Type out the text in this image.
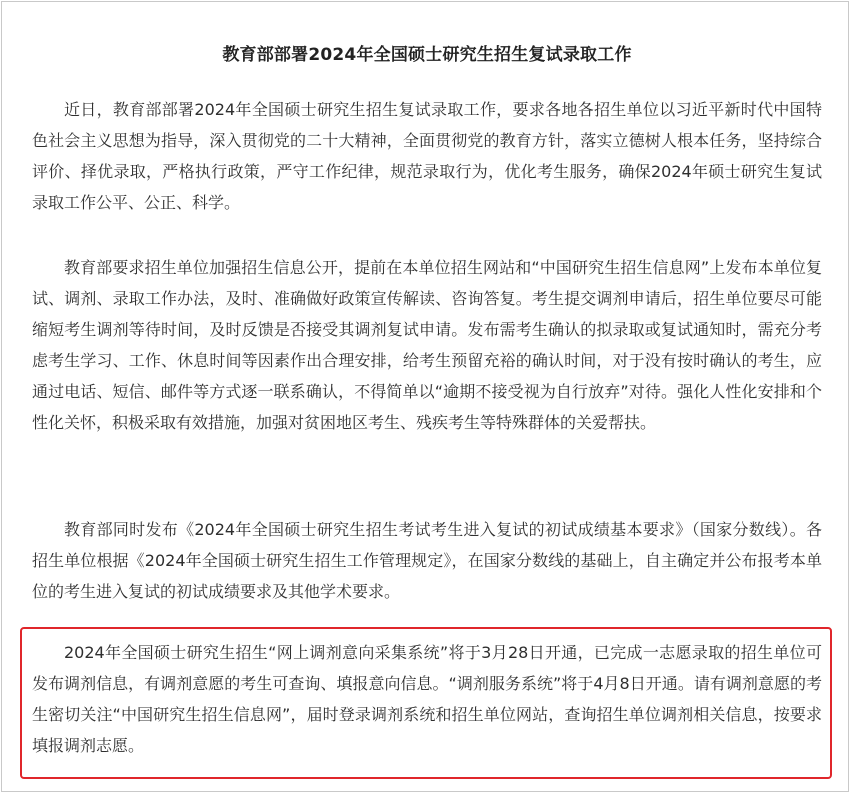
教育部部署2024年全国硕士研究生招生复试录取工作

近日，教育部部署2024年全国硕士研究生招生复试录取工作，要求各地各招生单位以习近平新时代中国特色社会主义思想为指导，深入贯彻党的二十大精神，全面贯彻党的教育方针，落实立德树人根本任务，坚持综合评价、择优录取，严格执行政策，严守工作纪律，规范录取行为，优化考生服务，确保2024年硕士研究生复试录取工作公平、公正、科学。

教育部要求招生单位加强招生信息公开，提前在本单位招生网站和“中国研究生招生信息网”上发布本单位复试、调剂、录取工作办法，及时、准确做好政策宣传解读、咨询答复。考生提交调剂申请后，招生单位要尽可能缩短考生调剂等待时间，及时反馈是否接受其调剂复试申请。发布需考生确认的拟录取或复试通知时，需充分考虑考生学习、工作、休息时间等因素作出合理安排，给考生预留充裕的确认时间，对于没有按时确认的考生，应通过电话、短信、邮件等方式逐一联系确认，不得简单以“逾期不接受视为自行放弃”对待。强化人性化安排和个性化关怀，积极采取有效措施，加强对贫困地区考生、残疾考生等特殊群体的关爱帮扶。

教育部同时发布《2024年全国硕士研究生招生考试考生进入复试的初试成绩基本要求》（国家分数线）。各招生单位根据《2024年全国硕士研究生招生工作管理规定》，在国家分数线的基础上，自主确定并公布报考本单位的考生进入复试的初试成绩要求及其他学术要求。

2024年全国硕士研究生招生“网上调剂意向采集系统”将于3月28日开通，已完成一志愿录取的招生单位可发布调剂信息，有调剂意愿的考生可查询、填报意向信息。“调剂服务系统”将于4月8日开通。请有调剂意愿的考生密切关注“中国研究生招生信息网”，届时登录调剂系统和招生单位网站，查询招生单位调剂相关信息，按要求填报调剂志愿。
